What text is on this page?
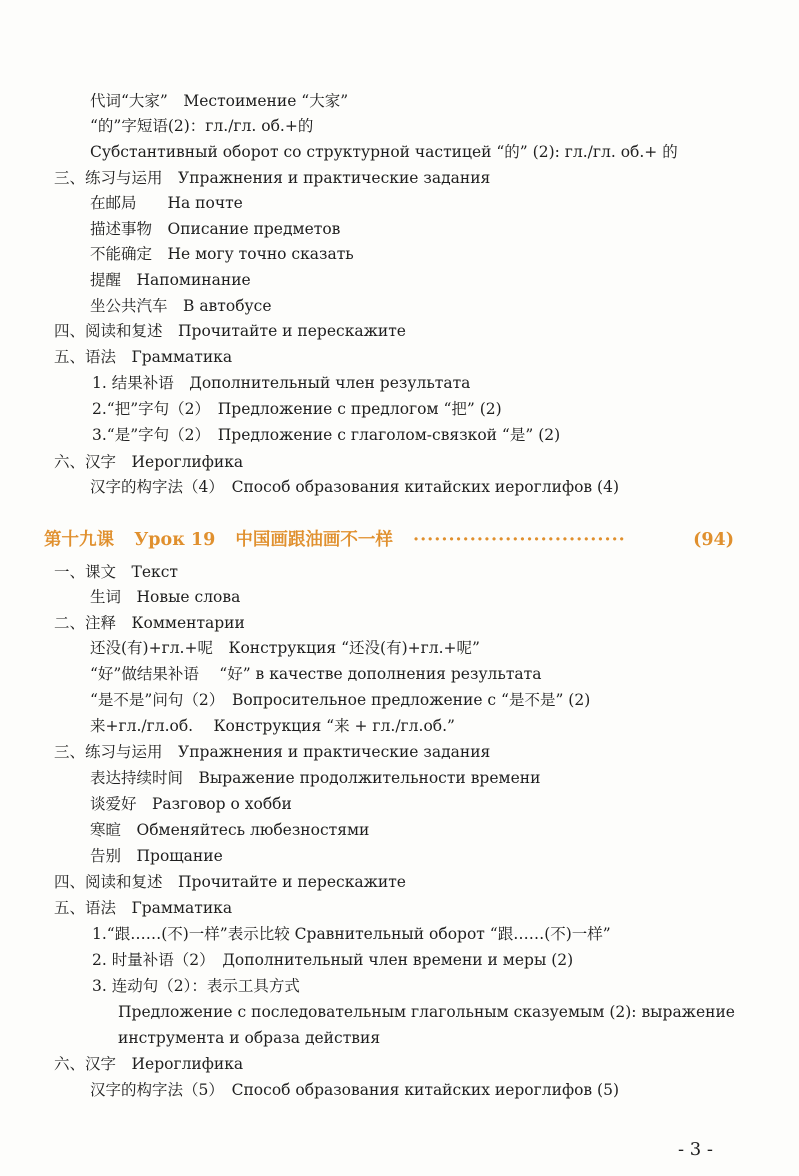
代词“大家”　Местоимение “大家”
“的”字短语(2)：гл./гл. об.+的
Субстантивный оборот со структурной частицей “的” (2): гл./гл. об.+ 的
三、练习与运用　Упражнения и практические задания
在邮局　　На почте
描述事物　Описание предметов
不能确定　Не могу точно сказать
提醒　Напоминание
坐公共汽车　В автобусе
四、阅读和复述　Прочитайте и перескажите
五、语法　Грамматика
1. 结果补语　Дополнительный член результата
2.“把”字句（2）　Предложение с предлогом “把” (2)
3.“是”字句（2）　Предложение с глаголом-связкой “是” (2)
六、汉字　Иероглифика
汉字的构字法（4）　Способ образования китайских иероглифов (4)
第十九课 Урок 19 中国画跟油画不一样 ······························	(94)
一、课文　Текст
生词　Новые слова
二、注释　Комментарии
还没(有)+гл.+呢　Конструкция “还没(有)+гл.+呢”
“好”做结果补语　 “好” в качестве дополнения результата
“是不是”问句（2）　Вопросительное предложение с “是不是” (2)
来+гл./гл.об.　 Конструкция “来 + гл./гл.об.”
三、练习与运用　Упражнения и практические задания
表达持续时间　Выражение продолжительности времени
谈爱好　Разговор о хобби
寒暄　Обменяйтесь любезностями
告别　Прощание
四、阅读和复述　Прочитайте и перескажите
五、语法　Грамматика
1.“跟……(不)一样”表示比较 Сравнительный оборот “跟……(不)一样”
2. 时量补语（2）　Дополнительный член времени и меры (2)
3. 连动句（2）：表示工具方式
Предложение с последовательным глагольным сказуемым (2): выражение
инструмента и образа действия
六、汉字　Иероглифика
汉字的构字法（5）　Способ образования китайских иероглифов (5)
- 3 -
